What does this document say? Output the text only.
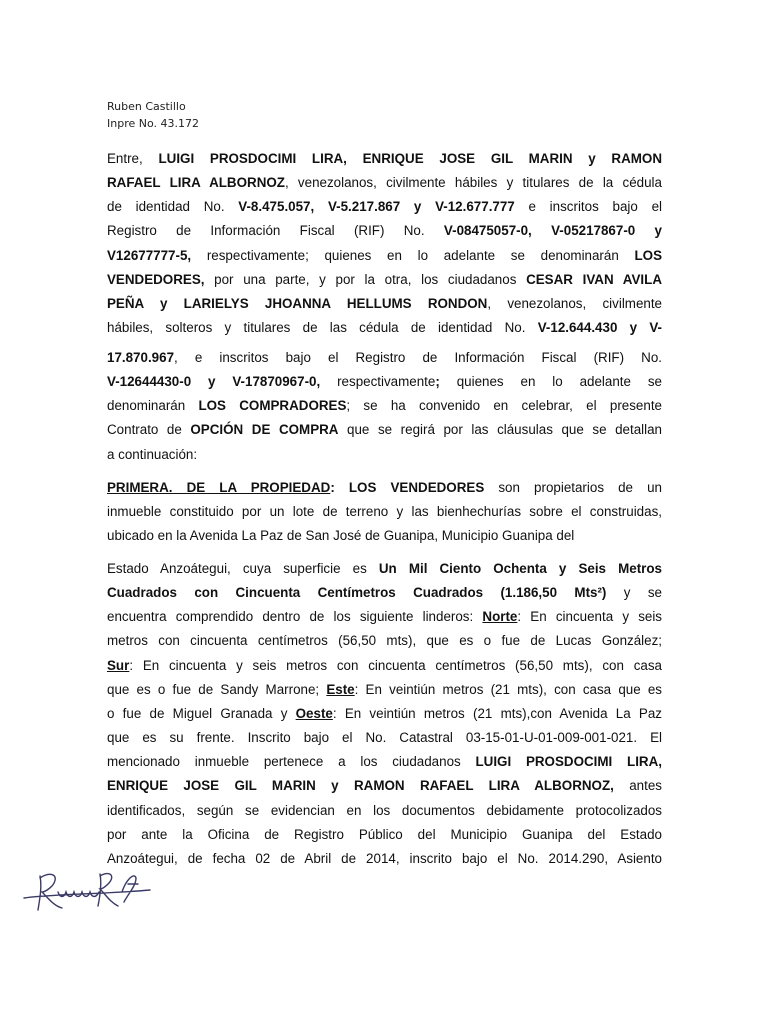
Ruben Castillo
Inpre No. 43.172
Entre, LUIGI PROSDOCIMI LIRA, ENRIQUE JOSE GIL MARIN y RAMON
RAFAEL LIRA ALBORNOZ, venezolanos, civilmente hábiles y titulares de la cédula
de identidad No. V-8.475.057, V-5.217.867 y V-12.677.777 e inscritos bajo el
Registro de Información Fiscal (RIF) No. V-08475057-0, V-05217867-0 y
V12677777-5, respectivamente; quienes en lo adelante se denominarán LOS
VENDEDORES, por una parte, y por la otra, los ciudadanos CESAR IVAN AVILA
PEÑA y LARIELYS JHOANNA HELLUMS RONDON, venezolanos, civilmente
hábiles, solteros y titulares de las cédula de identidad No. V-12.644.430 y V-
17.870.967, e inscritos bajo el Registro de Información Fiscal (RIF) No.
V-12644430-0 y V-17870967-0, respectivamente; quienes en lo adelante se
denominarán LOS COMPRADORES; se ha convenido en celebrar, el presente
Contrato de OPCIÓN DE COMPRA que se regirá por las cláusulas que se detallan
a continuación:
PRIMERA. DE LA PROPIEDAD: LOS VENDEDORES son propietarios de un
inmueble constituido por un lote de terreno y las bienhechurías sobre el construidas,
ubicado en la Avenida La Paz de San José de Guanipa, Municipio Guanipa del
Estado Anzoátegui, cuya superficie es Un Mil Ciento Ochenta y Seis Metros
Cuadrados con Cincuenta Centímetros Cuadrados (1.186,50 Mts²) y se
encuentra comprendido dentro de los siguiente linderos: Norte: En cincuenta y seis
metros con cincuenta centímetros (56,50 mts), que es o fue de Lucas González;
Sur: En cincuenta y seis metros con cincuenta centímetros (56,50 mts), con casa
que es o fue de Sandy Marrone; Este: En veintiún metros (21 mts), con casa que es
o fue de Miguel Granada y Oeste: En veintiún metros (21 mts),con Avenida La Paz
que es su frente. Inscrito bajo el No. Catastral 03-15-01-U-01-009-001-021. El
mencionado inmueble pertenece a los ciudadanos LUIGI PROSDOCIMI LIRA,
ENRIQUE JOSE GIL MARIN y RAMON RAFAEL LIRA ALBORNOZ, antes
identificados, según se evidencian en los documentos debidamente protocolizados
por ante la Oficina de Registro Público del Municipio Guanipa del Estado
Anzoátegui, de fecha 02 de Abril de 2014, inscrito bajo el No. 2014.290, Asiento
